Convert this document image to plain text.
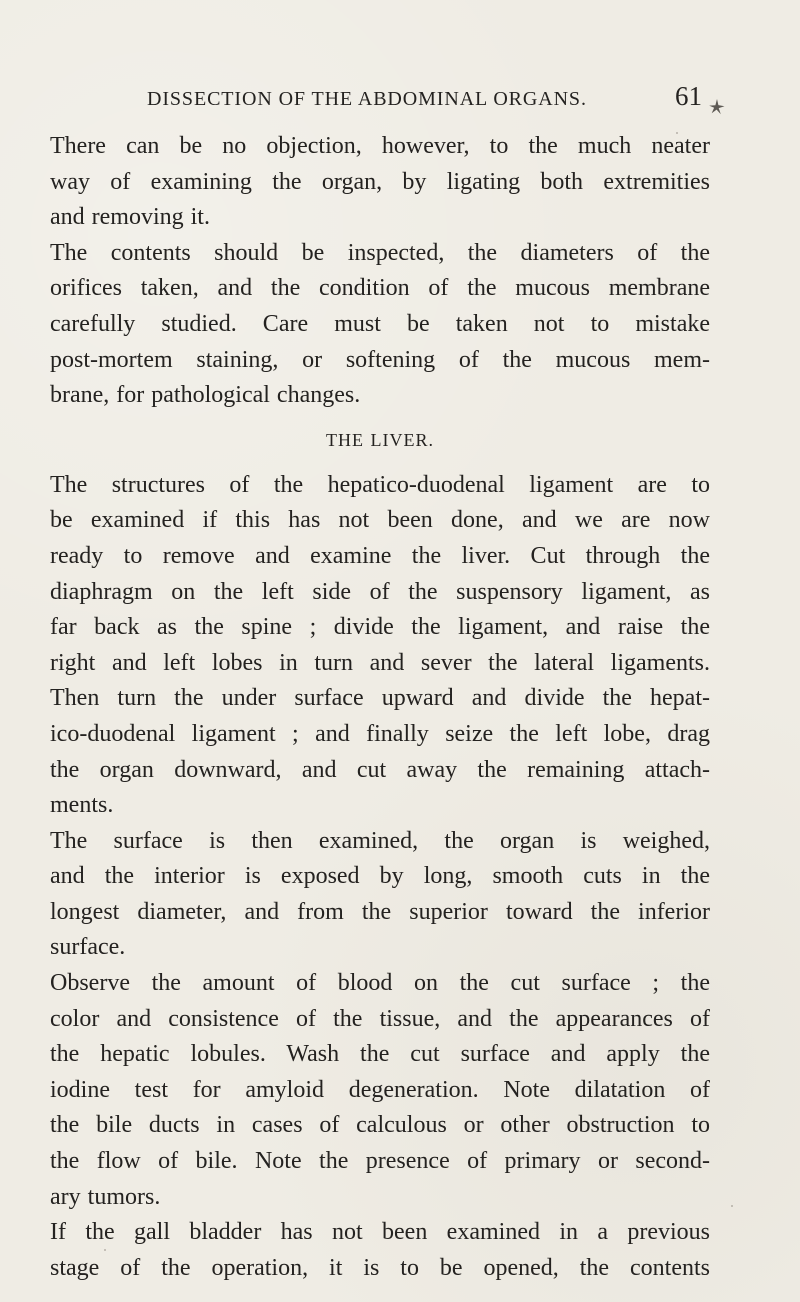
DISSECTION OF THE ABDOMINAL ORGANS.	61
There can be no objection, however, to the much neater
way of examining the organ, by ligating both extremities
and removing it.
The contents should be inspected, the diameters of the
orifices taken, and the condition of the mucous membrane
carefully studied. Care must be taken not to mistake
post-mortem staining, or softening of the mucous mem-
brane, for pathological changes.
THE LIVER.
The structures of the hepatico-duodenal ligament are to
be examined if this has not been done, and we are now
ready to remove and examine the liver. Cut through the
diaphragm on the left side of the suspensory ligament, as
far back as the spine ; divide the ligament, and raise the
right and left lobes in turn and sever the lateral ligaments.
Then turn the under surface upward and divide the hepat-
ico-duodenal ligament ; and finally seize the left lobe, drag
the organ downward, and cut away the remaining attach-
ments.
The surface is then examined, the organ is weighed,
and the interior is exposed by long, smooth cuts in the
longest diameter, and from the superior toward the inferior
surface.
Observe the amount of blood on the cut surface ; the
color and consistence of the tissue, and the appearances of
the hepatic lobules. Wash the cut surface and apply the
iodine test for amyloid degeneration. Note dilatation of
the bile ducts in cases of calculous or other obstruction to
the flow of bile. Note the presence of primary or second-
ary tumors.
If the gall bladder has not been examined in a previous
stage of the operation, it is to be opened, the contents
